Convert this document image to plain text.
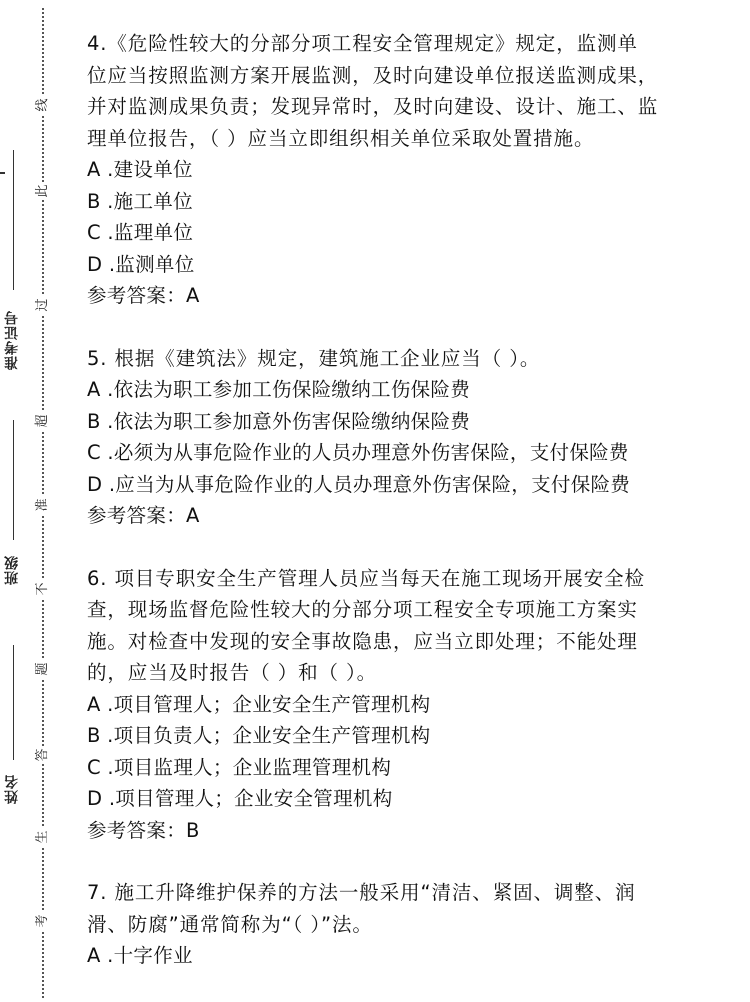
线
此
过
超
准
不
题
答
生
考
准考证号
班级
姓名
4.《危险性较大的分部分项工程安全管理规定》规定，监测单
位应当按照监测方案开展监测，及时向建设单位报送监测成果，
并对监测成果负责；发现异常时，及时向建设、设计、施工、监
理单位报告，（ ）应当立即组织相关单位采取处置措施。
A .建设单位
B .施工单位
C .监理单位
D .监测单位
参考答案：A
5. 根据《建筑法》规定，建筑施工企业应当（ ）。
A .依法为职工参加工伤保险缴纳工伤保险费
B .依法为职工参加意外伤害保险缴纳保险费
C .必须为从事危险作业的人员办理意外伤害保险，支付保险费
D .应当为从事危险作业的人员办理意外伤害保险，支付保险费
参考答案：A
6. 项目专职安全生产管理人员应当每天在施工现场开展安全检
查，现场监督危险性较大的分部分项工程安全专项施工方案实
施。对检查中发现的安全事故隐患，应当立即处理；不能处理
的，应当及时报告（ ）和（ ）。
A .项目管理人；企业安全生产管理机构
B .项目负责人；企业安全生产管理机构
C .项目监理人；企业监理管理机构
D .项目管理人；企业安全管理机构
参考答案：B
7. 施工升降维护保养的方法一般采用“清洁、紧固、调整、润
滑、防腐”通常简称为“（ ）”法。
A .十字作业
